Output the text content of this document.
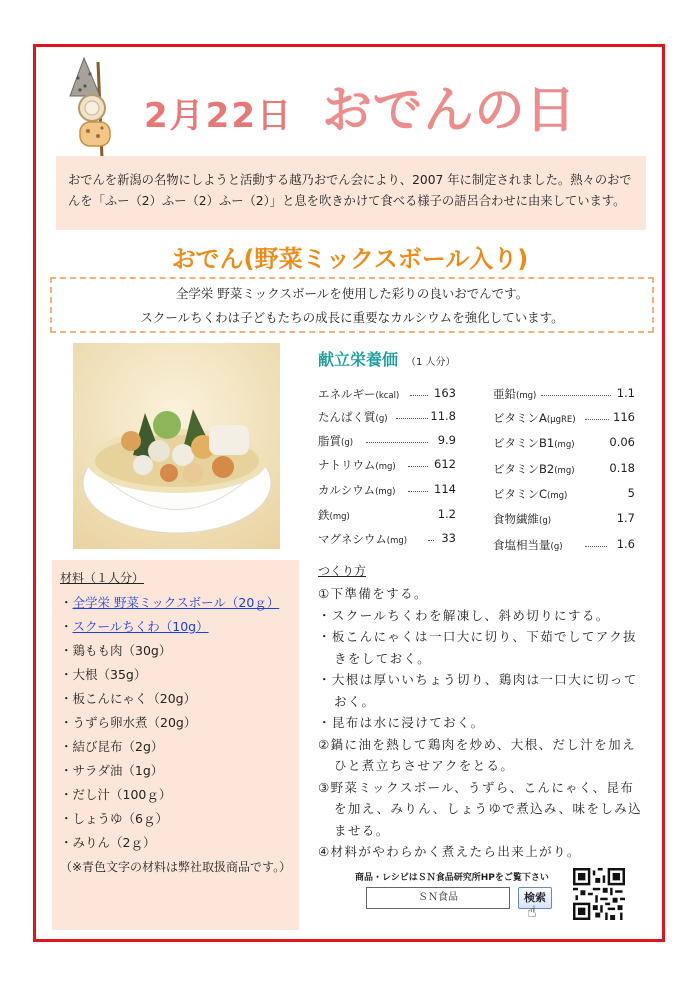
2月22日 おでんの日
おでんを新潟の名物にしようと活動する越乃おでん会により、2007 年に制定されました。熱々のおでんを「ふー（2）ふー（2）ふー（2）」と息を吹きかけて食べる様子の語呂合わせに由来しています。
おでん(野菜ミックスボール入り)
全学栄 野菜ミックスボールを使用した彩りの良いおでんです。
スクールちくわは子どもたちの成長に重要なカルシウムを強化しています。
献立栄養価 （1 人分）
エネルギー(kcal)	163
たんぱく質(g)	11.8
脂質(g)	9.9
ナトリウム(mg)	612
カルシウム(mg)	114
鉄(mg)	1.2
マグネシウム(mg)	33
亜鉛(mg)	1.1
ビタミンA(μgRE)	116
ビタミンB1(mg)	0.06
ビタミンB2(mg)	0.18
ビタミンC(mg)	5
食物繊維(g)	1.7
食塩相当量(g)	1.6
材料（１人分）
・全学栄 野菜ミックスボール（20ｇ）
・スクールちくわ（10g）
・鶏もも肉（30g）
・大根（35g）
・板こんにゃく（20g）
・うずら卵水煮（20g）
・結び昆布（2g）
・サラダ油（1g）
・だし汁（100ｇ）
・しょうゆ（6ｇ）
・みりん（2ｇ）
（※青色文字の材料は弊社取扱商品です。）
つくり方
①下準備をする。
・スクールちくわを解凍し、斜め切りにする。
・板こんにゃくは一口大に切り、下茹でしてアク抜きをしておく。
・大根は厚いいちょう切り、鶏肉は一口大に切っておく。
・昆布は水に浸けておく。
②鍋に油を熱して鶏肉を炒め、大根、だし汁を加えひと煮立ちさせアクをとる。
③野菜ミックスボール、うずら、こんにゃく、昆布を加え、みりん、しょうゆで煮込み、味をしみ込ませる。
④材料がやわらかく煮えたら出来上がり。
商品・レシピはＳＮ食品研究所HPをご覧下さい
ＳＮ食品	検索
☝
